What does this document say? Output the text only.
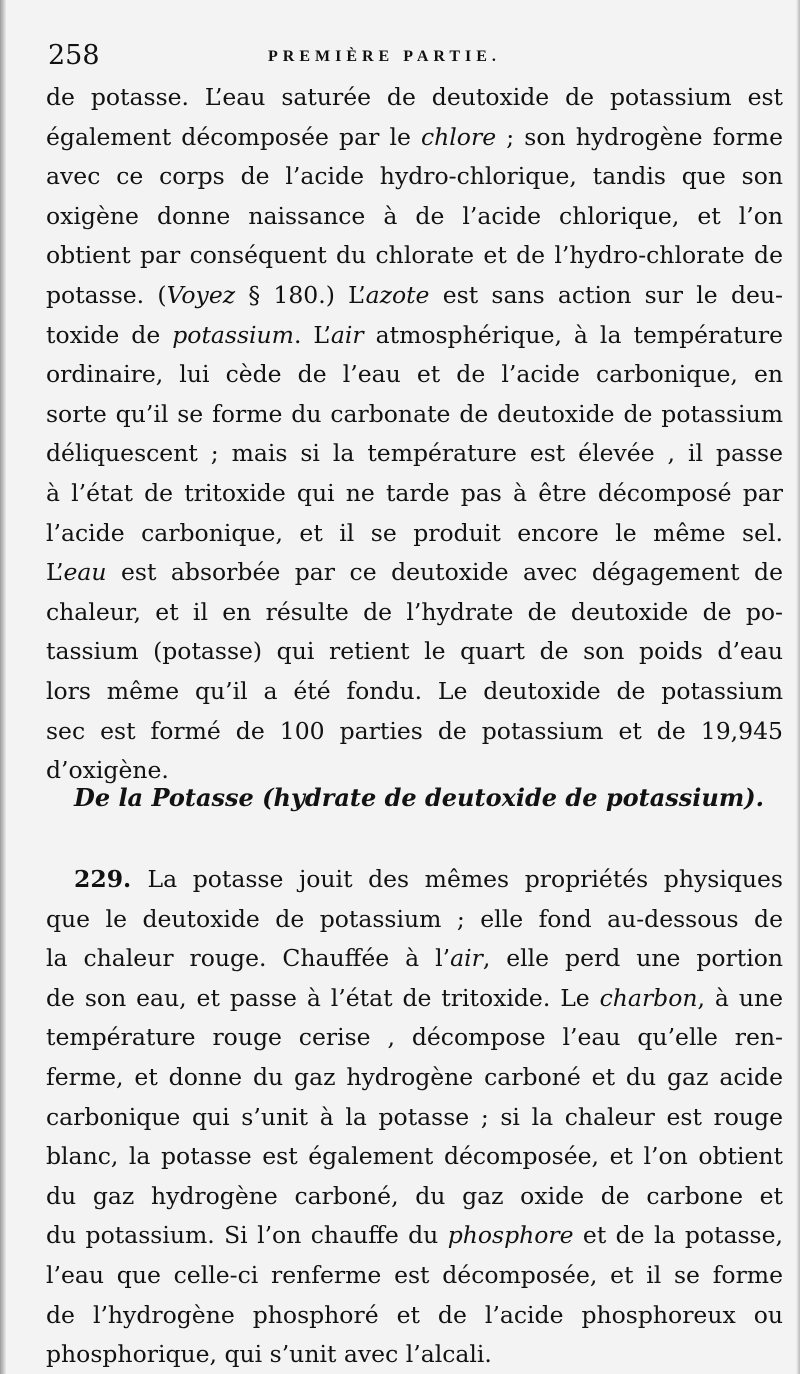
258	PREMIÈRE PARTIE.
de potasse. L’eau saturée de deutoxide de potassium est
également décomposée par le chlore ; son hydrogène forme
avec ce corps de l’acide hydro-chlorique, tandis que son
oxigène donne naissance à de l’acide chlorique, et l’on
obtient par conséquent du chlorate et de l’hydro-chlorate de
potasse. (Voyez § 180.) L’azote est sans action sur le deu-
toxide de potassium. L’air atmosphérique, à la température
ordinaire, lui cède de l’eau et de l’acide carbonique, en
sorte qu’il se forme du carbonate de deutoxide de potassium
déliquescent ; mais si la température est élevée , il passe
à l’état de tritoxide qui ne tarde pas à être décomposé par
l’acide carbonique, et il se produit encore le même sel.
L’eau est absorbée par ce deutoxide avec dégagement de
chaleur, et il en résulte de l’hydrate de deutoxide de po-
tassium (potasse) qui retient le quart de son poids d’eau
lors même qu’il a été fondu. Le deutoxide de potassium
sec est formé de 100 parties de potassium et de 19,945
d’oxigène.
De la Potasse (hydrate de deutoxide de potassium).
229. La potasse jouit des mêmes propriétés physiques
que le deutoxide de potassium ; elle fond au-dessous de
la chaleur rouge. Chauffée à l’air, elle perd une portion
de son eau, et passe à l’état de tritoxide. Le charbon, à une
température rouge cerise , décompose l’eau qu’elle ren-
ferme, et donne du gaz hydrogène carboné et du gaz acide
carbonique qui s’unit à la potasse ; si la chaleur est rouge
blanc, la potasse est également décomposée, et l’on obtient
du gaz hydrogène carboné, du gaz oxide de carbone et
du potassium. Si l’on chauffe du phosphore et de la potasse,
l’eau que celle-ci renferme est décomposée, et il se forme
de l’hydrogène phosphoré et de l’acide phosphoreux ou
phosphorique, qui s’unit avec l’alcali.
